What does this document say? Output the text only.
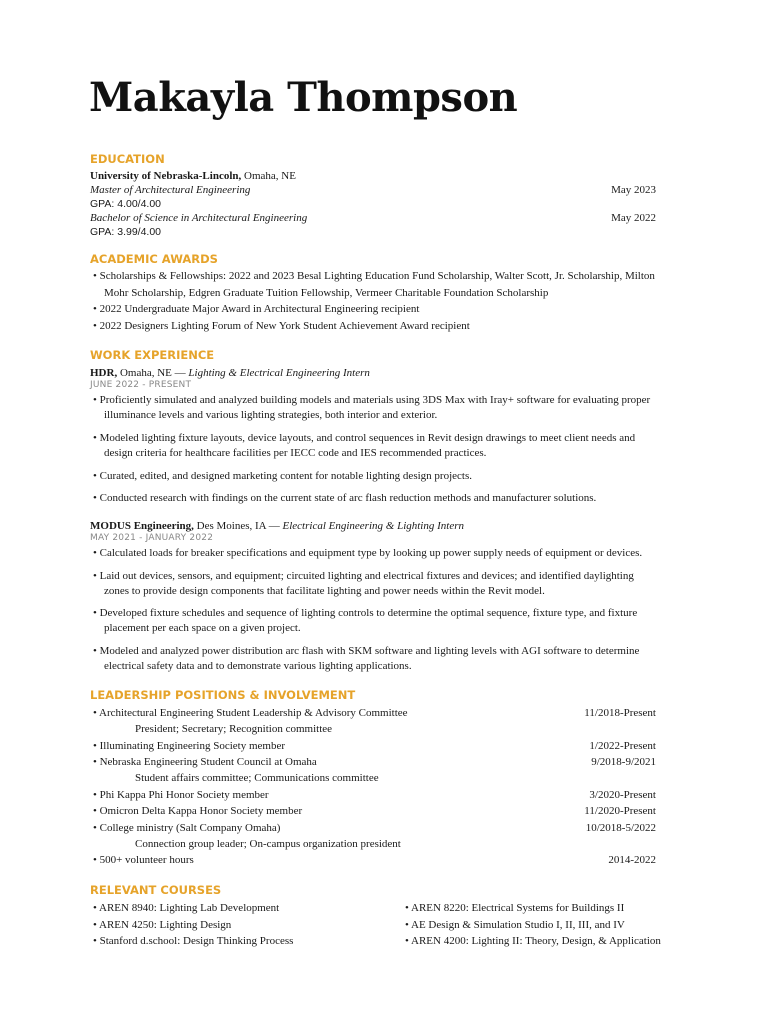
Makayla Thompson
EDUCATION
University of Nebraska-Lincoln, Omaha, NE
Master of Architectural Engineering	May 2023
GPA: 4.00/4.00
Bachelor of Science in Architectural Engineering	May 2022
GPA: 3.99/4.00
ACADEMIC AWARDS
• Scholarships & Fellowships: 2022 and 2023 Besal Lighting Education Fund Scholarship, Walter Scott, Jr. Scholarship, Milton
Mohr Scholarship, Edgren Graduate Tuition Fellowship, Vermeer Charitable Foundation Scholarship
• 2022 Undergraduate Major Award in Architectural Engineering recipient
• 2022 Designers Lighting Forum of New York Student Achievement Award recipient
WORK EXPERIENCE
HDR, Omaha, NE — Lighting & Electrical Engineering Intern
JUNE 2022 - PRESENT
• Proficiently simulated and analyzed building models and materials using 3DS Max with Iray+ software for evaluating proper
illuminance levels and various lighting strategies, both interior and exterior.
• Modeled lighting fixture layouts, device layouts, and control sequences in Revit design drawings to meet client needs and
design criteria for healthcare facilities per IECC code and IES recommended practices.
• Curated, edited, and designed marketing content for notable lighting design projects.
• Conducted research with findings on the current state of arc flash reduction methods and manufacturer solutions.
MODUS Engineering, Des Moines, IA — Electrical Engineering & Lighting Intern
MAY 2021 - JANUARY 2022
• Calculated loads for breaker specifications and equipment type by looking up power supply needs of equipment or devices.
• Laid out devices, sensors, and equipment; circuited lighting and electrical fixtures and devices; and identified daylighting
zones to provide design components that facilitate lighting and power needs within the Revit model.
• Developed fixture schedules and sequence of lighting controls to determine the optimal sequence, fixture type, and fixture
placement per each space on a given project.
• Modeled and analyzed power distribution arc flash with SKM software and lighting levels with AGI software to determine
electrical safety data and to demonstrate various lighting applications.
LEADERSHIP POSITIONS & INVOLVEMENT
• Architectural Engineering Student Leadership & Advisory Committee	11/2018-Present
President; Secretary; Recognition committee
• Illuminating Engineering Society member	1/2022-Present
• Nebraska Engineering Student Council at Omaha	9/2018-9/2021
Student affairs committee; Communications committee
• Phi Kappa Phi Honor Society member	3/2020-Present
• Omicron Delta Kappa Honor Society member	11/2020-Present
• College ministry (Salt Company Omaha)	10/2018-5/2022
Connection group leader; On-campus organization president
• 500+ volunteer hours	2014-2022
RELEVANT COURSES
• AREN 8940: Lighting Lab Development
• AREN 4250: Lighting Design
• Stanford d.school: Design Thinking Process
• AREN 8220: Electrical Systems for Buildings II
• AE Design & Simulation Studio I, II, III, and IV
• AREN 4200: Lighting II: Theory, Design, & Application
